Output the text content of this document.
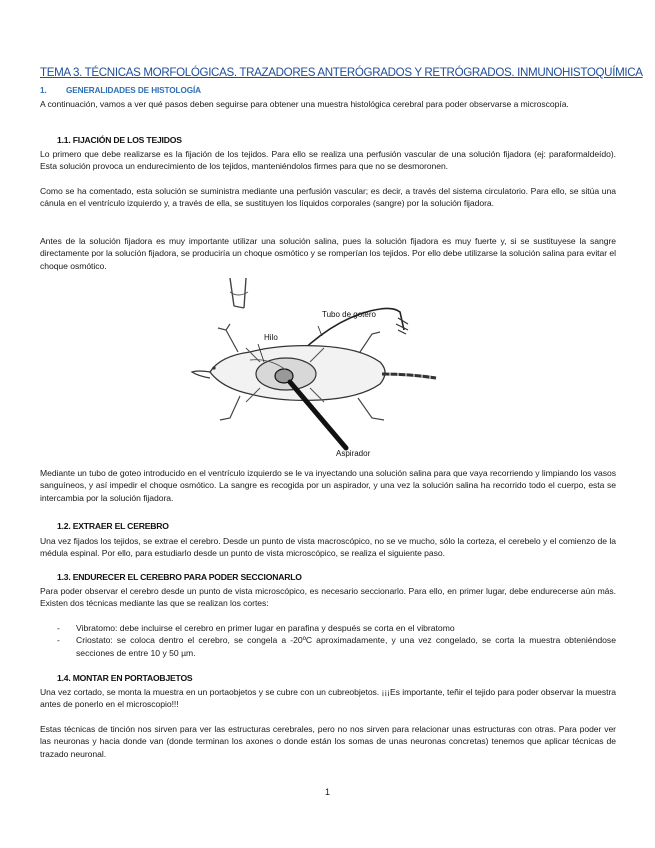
TEMA 3. TÉCNICAS MORFOLÓGICAS. TRAZADORES ANTERÓGRADOS Y RETRÓGRADOS. INMUNOHISTOQUÍMICA
1. GENERALIDADES DE HISTOLOGÍA
A continuación, vamos a ver qué pasos deben seguirse para obtener una muestra histológica cerebral para poder observarse a microscopía.
1.1. FIJACIÓN DE LOS TEJIDOS
Lo primero que debe realizarse es la fijación de los tejidos. Para ello se realiza una perfusión vascular de una solución fijadora (ej: paraformaldeído). Esta solución provoca un endurecimiento de los tejidos, manteniéndolos firmes para que no se desmoronen.
Como se ha comentado, esta solución se suministra mediante una perfusión vascular; es decir, a través del sistema circulatorio. Para ello, se sitúa una cánula en el ventrículo izquierdo y, a través de ella, se sustituyen los líquidos corporales (sangre) por la solución fijadora.
Antes de la solución fijadora es muy importante utilizar una solución salina, pues la solución fijadora es muy fuerte y, si se sustituyese la sangre directamente por la solución fijadora, se produciría un choque osmótico y se romperían los tejidos. Por ello debe utilizarse la solución salina para evitar el choque osmótico.
Tubo de gotero
Hilo
Aspirador
Mediante un tubo de goteo introducido en el ventrículo izquierdo se le va inyectando una solución salina para que vaya recorriendo y limpiando los vasos sanguíneos, y así impedir el choque osmótico. La sangre es recogida por un aspirador, y una vez la solución salina ha recorrido todo el cuerpo, esta se intercambia por la solución fijadora.
1.2. EXTRAER EL CEREBRO
Una vez fijados los tejidos, se extrae el cerebro. Desde un punto de vista macroscópico, no se ve mucho, sólo la corteza, el cerebelo y el comienzo de la médula espinal. Por ello, para estudiarlo desde un punto de vista microscópico, se realiza el siguiente paso.
1.3. ENDURECER EL CEREBRO PARA PODER SECCIONARLO
Para poder observar el cerebro desde un punto de vista microscópico, es necesario seccionarlo. Para ello, en primer lugar, debe endurecerse aún más. Existen dos técnicas mediante las que se realizan los cortes:
- Vibratomo: debe incluirse el cerebro en primer lugar en parafina y después se corta en el vibratomo
- Criostato: se coloca dentro el cerebro, se congela a -20ºC aproximadamente, y una vez congelado, se corta la muestra obteniéndose secciones de entre 10 y 50 µm.
1.4. MONTAR EN PORTAOBJETOS
Una vez cortado, se monta la muestra en un portaobjetos y se cubre con un cubreobjetos. ¡¡¡Es importante, teñir el tejido para poder observar la muestra antes de ponerlo en el microscopio!!!
Estas técnicas de tinción nos sirven para ver las estructuras cerebrales, pero no nos sirven para relacionar unas estructuras con otras. Para poder ver las neuronas y hacia donde van (donde terminan los axones o donde están los somas de unas neuronas concretas) tenemos que aplicar técnicas de trazado neuronal.
1
